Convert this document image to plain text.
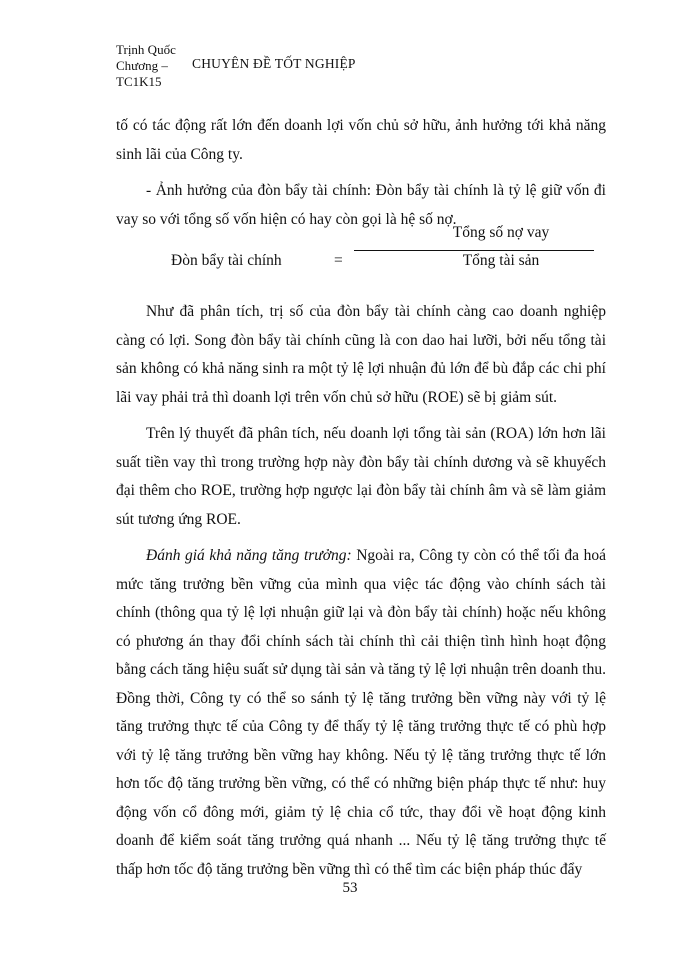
Trịnh Quốc Chương – TC1K15
CHUYÊN ĐỀ TỐT NGHIỆP

tố có tác động rất lớn đến doanh lợi vốn chủ sở hữu, ảnh hưởng tới khả năng sinh lãi của Công ty.

- Ảnh hưởng của đòn bẩy tài chính: Đòn bẩy tài chính là tỷ lệ giữ vốn đi vay so với tổng số vốn hiện có hay còn gọi là hệ số nợ.

Đòn bẩy tài chính	=
Tổng số nợ vay
Tổng tài sản

Như đã phân tích, trị số của đòn bẩy tài chính càng cao doanh nghiệp càng có lợi. Song đòn bẩy tài chính cũng là con dao hai lưỡi, bởi nếu tổng tài sản không có khả năng sinh ra một tỷ lệ lợi nhuận đủ lớn để bù đắp các chi phí lãi vay phải trả thì doanh lợi trên vốn chủ sở hữu (ROE) sẽ bị giảm sút.

Trên lý thuyết đã phân tích, nếu doanh lợi tổng tài sản (ROA) lớn hơn lãi suất tiền vay thì trong trường hợp này đòn bẩy tài chính dương và sẽ khuyếch đại thêm cho ROE, trường hợp ngược lại đòn bẩy tài chính âm và sẽ làm giảm sút tương ứng ROE.

Đánh giá khả năng tăng trưởng: Ngoài ra, Công ty còn có thể tối đa hoá mức tăng trưởng bền vững của mình qua việc tác động vào chính sách tài chính (thông qua tỷ lệ lợi nhuận giữ lại và đòn bẩy tài chính) hoặc nếu không có phương án thay đổi chính sách tài chính thì cải thiện tình hình hoạt động bằng cách tăng hiệu suất sử dụng tài sản và tăng tỷ lệ lợi nhuận trên doanh thu. Đồng thời, Công ty có thể so sánh tỷ lệ tăng trưởng bền vững này với tỷ lệ tăng trưởng thực tế của Công ty để thấy tỷ lệ tăng trưởng thực tế có phù hợp với tỷ lệ tăng trưởng bền vững hay không. Nếu tỷ lệ tăng trưởng thực tế lớn hơn tốc độ tăng trưởng bền vững, có thể có những biện pháp thực tế như: huy động vốn cổ đông mới, giảm tỷ lệ chia cổ tức, thay đổi về hoạt động kinh doanh để kiểm soát tăng trưởng quá nhanh ... Nếu tỷ lệ tăng trưởng thực tế thấp hơn tốc độ tăng trưởng bền vững thì có thể tìm các biện pháp thúc đẩy

53
